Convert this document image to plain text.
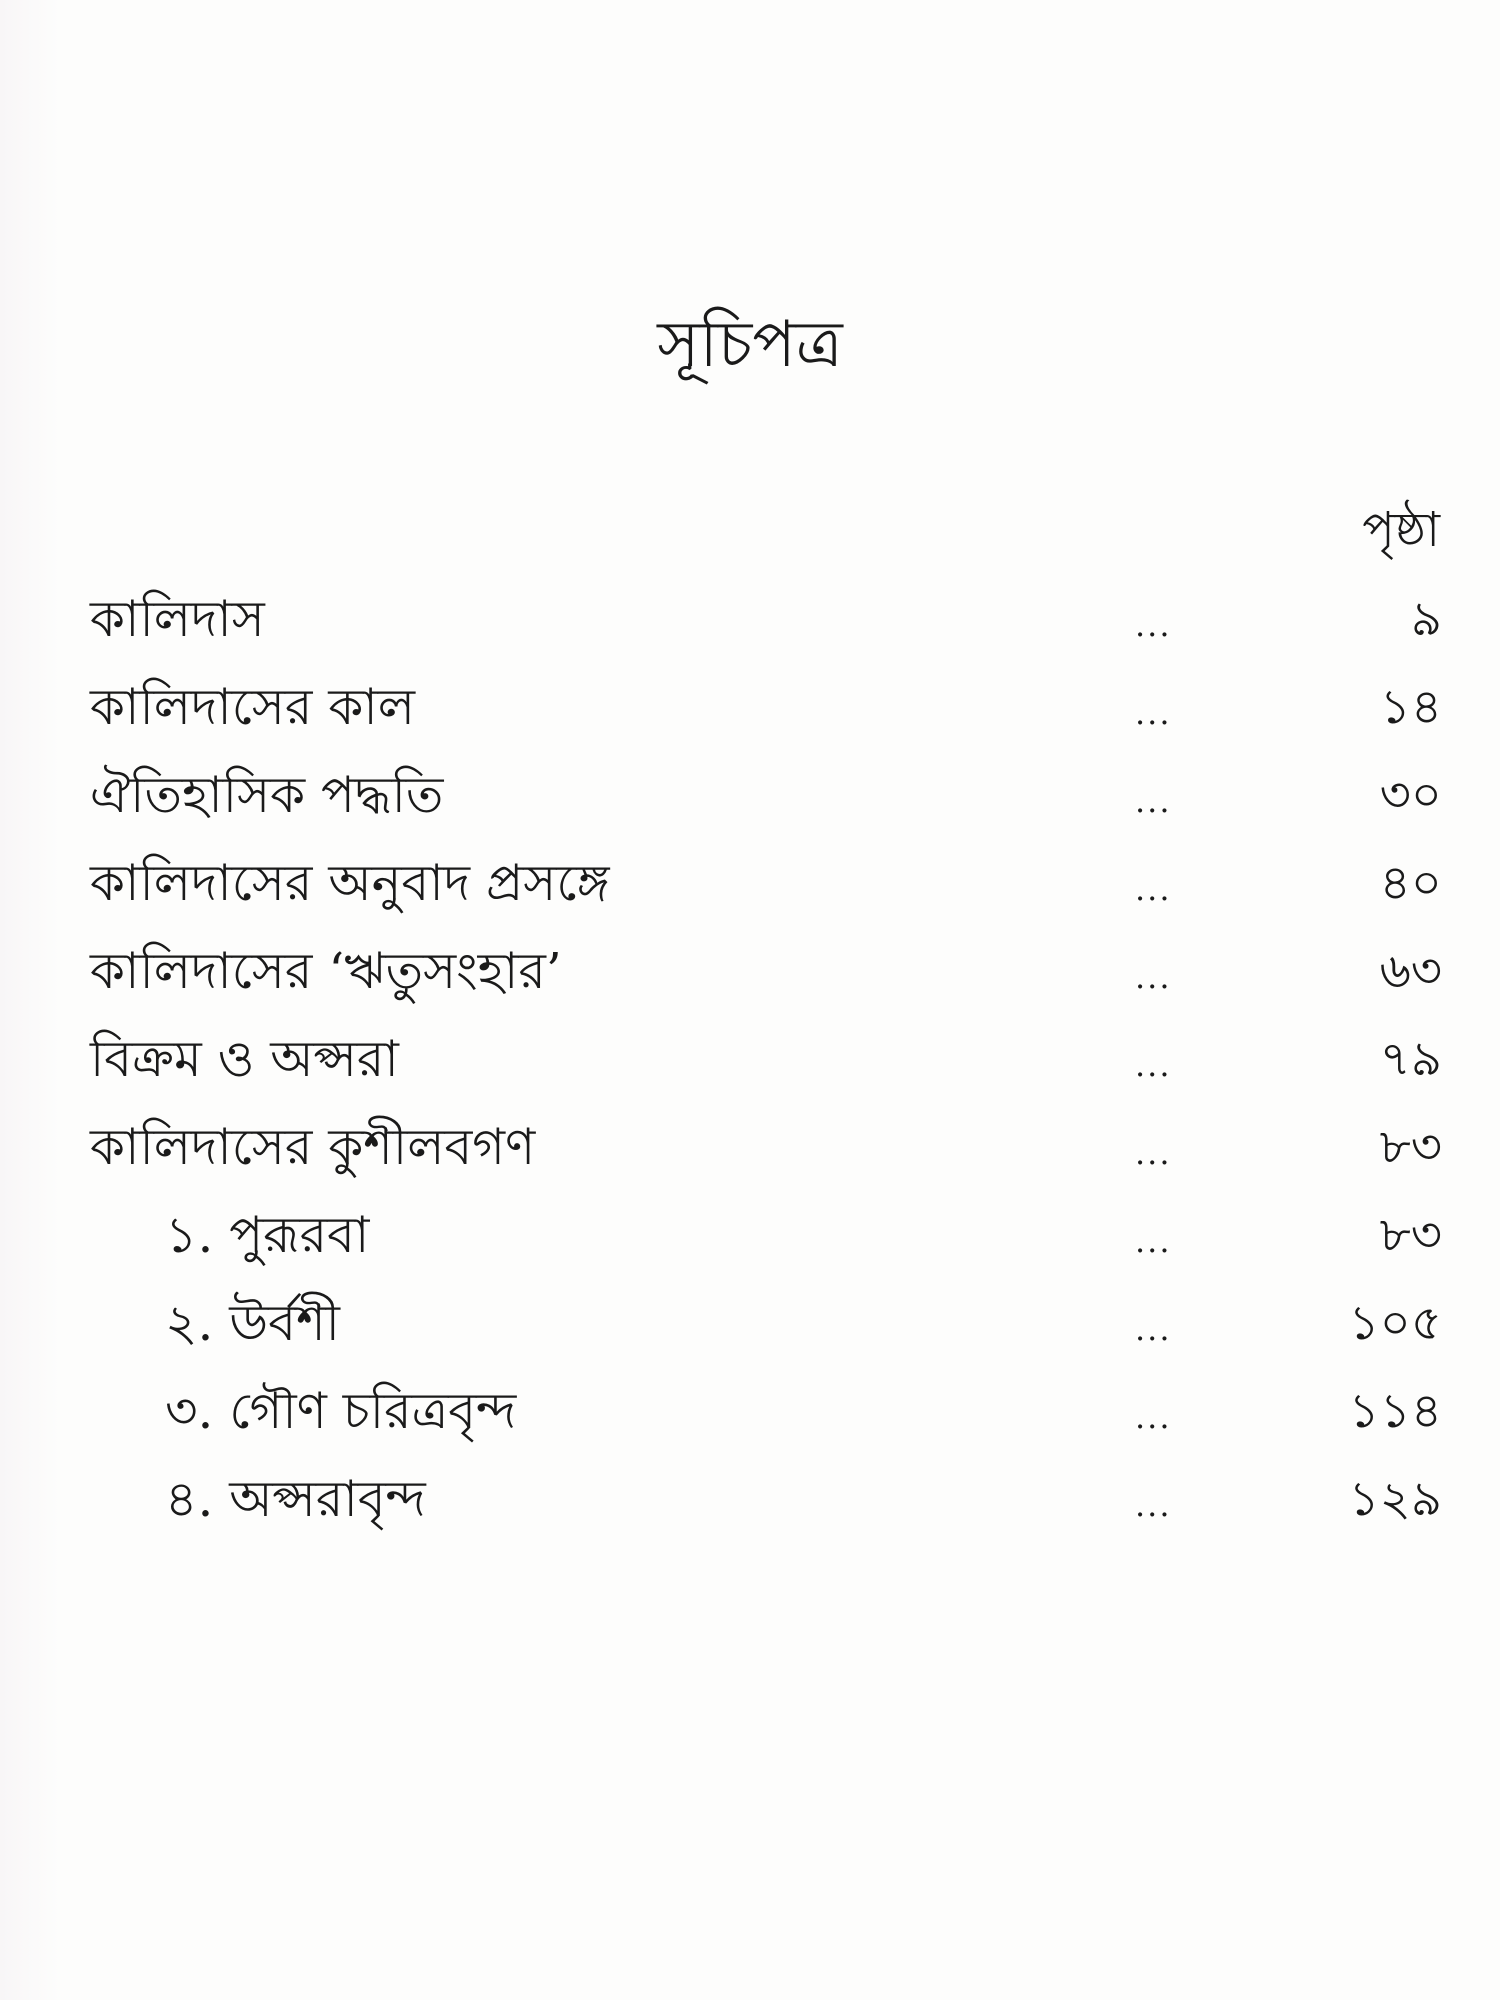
সূচিপত্র
পৃষ্ঠা
কালিদাস	...	৯
কালিদাসের কাল	...	১৪
ঐতিহাসিক পদ্ধতি	...	৩০
কালিদাসের অনুবাদ প্রসঙ্গে	...	৪০
কালিদাসের ‘ঋতুসংহার’	...	৬৩
বিক্রম ও অপ্সরা	...	৭৯
কালিদাসের কুশীলবগণ	...	৮৩
১. পুরূরবা	...	৮৩
২. উর্বশী	...	১০৫
৩. গৌণ চরিত্রবৃন্দ	...	১১৪
৪. অপ্সরাবৃন্দ	...	১২৯
